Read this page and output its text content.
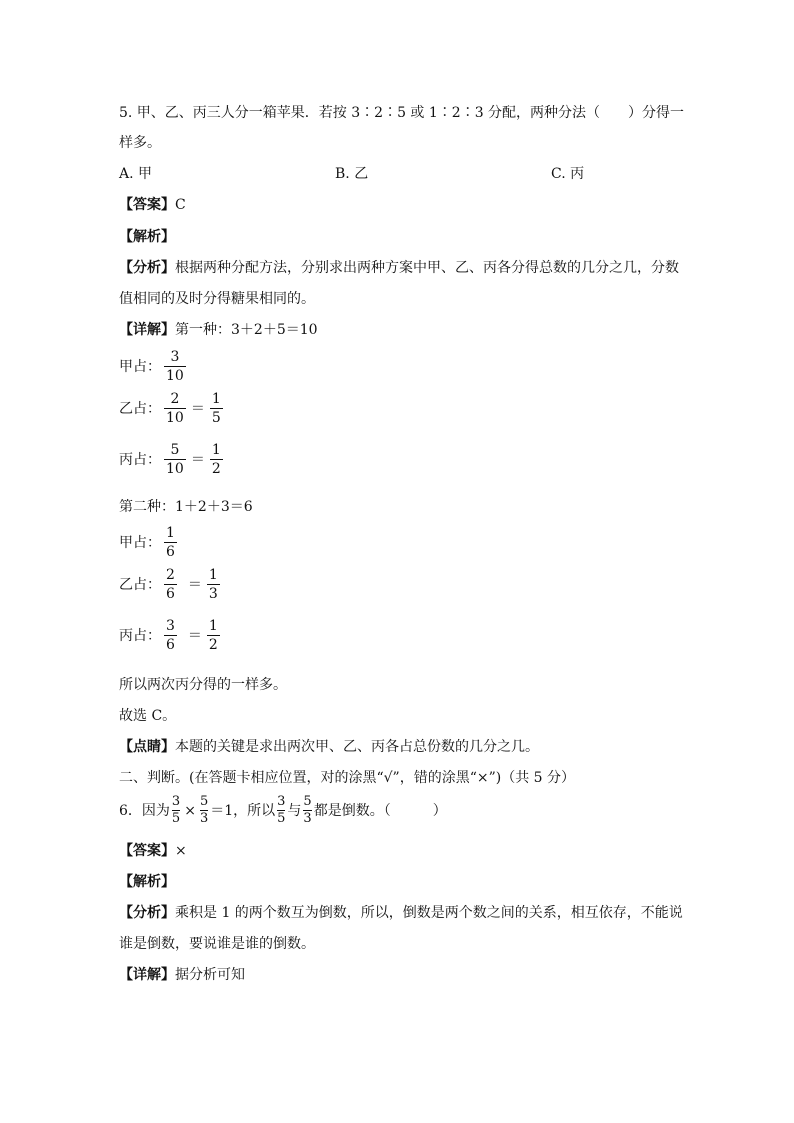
5. 甲、乙、丙三人分一箱苹果．若按 3∶2∶5 或 1∶2∶3 分配，两种分法（　　）分得一
样多。
A. 甲	B. 乙	C. 丙
【答案】C
【解析】
【分析】根据两种分配方法，分别求出两种方案中甲、乙、丙各分得总数的几分之几，分数
值相同的及时分得糖果相同的。
【详解】第一种：3＋2＋5＝10
甲占： $\frac{3}{10}$
乙占： $\frac{2}{10} = \frac{1}{5}$
丙占： $\frac{5}{10} = \frac{1}{2}$
第二种：1＋2＋3＝6
甲占： $\frac{1}{6}$
乙占： $\frac{2}{6} = \frac{1}{3}$
丙占： $\frac{3}{6} = \frac{1}{2}$
所以两次丙分得的一样多。
故选 C。
【点睛】本题的关键是求出两次甲、乙、丙各占总份数的几分之几。
二、判断。(在答题卡相应位置，对的涂黑“√”，错的涂黑“×”)（共 5 分）
6．因为 $\frac{3}{5} \times \frac{5}{3} =1$，所以 $\frac{3}{5}$ 与 $\frac{5}{3}$ 都是倒数。（　　　）
【答案】×
【解析】
【分析】乘积是 1 的两个数互为倒数，所以，倒数是两个数之间的关系，相互依存，不能说
谁是倒数，要说谁是谁的倒数。
【详解】据分析可知
